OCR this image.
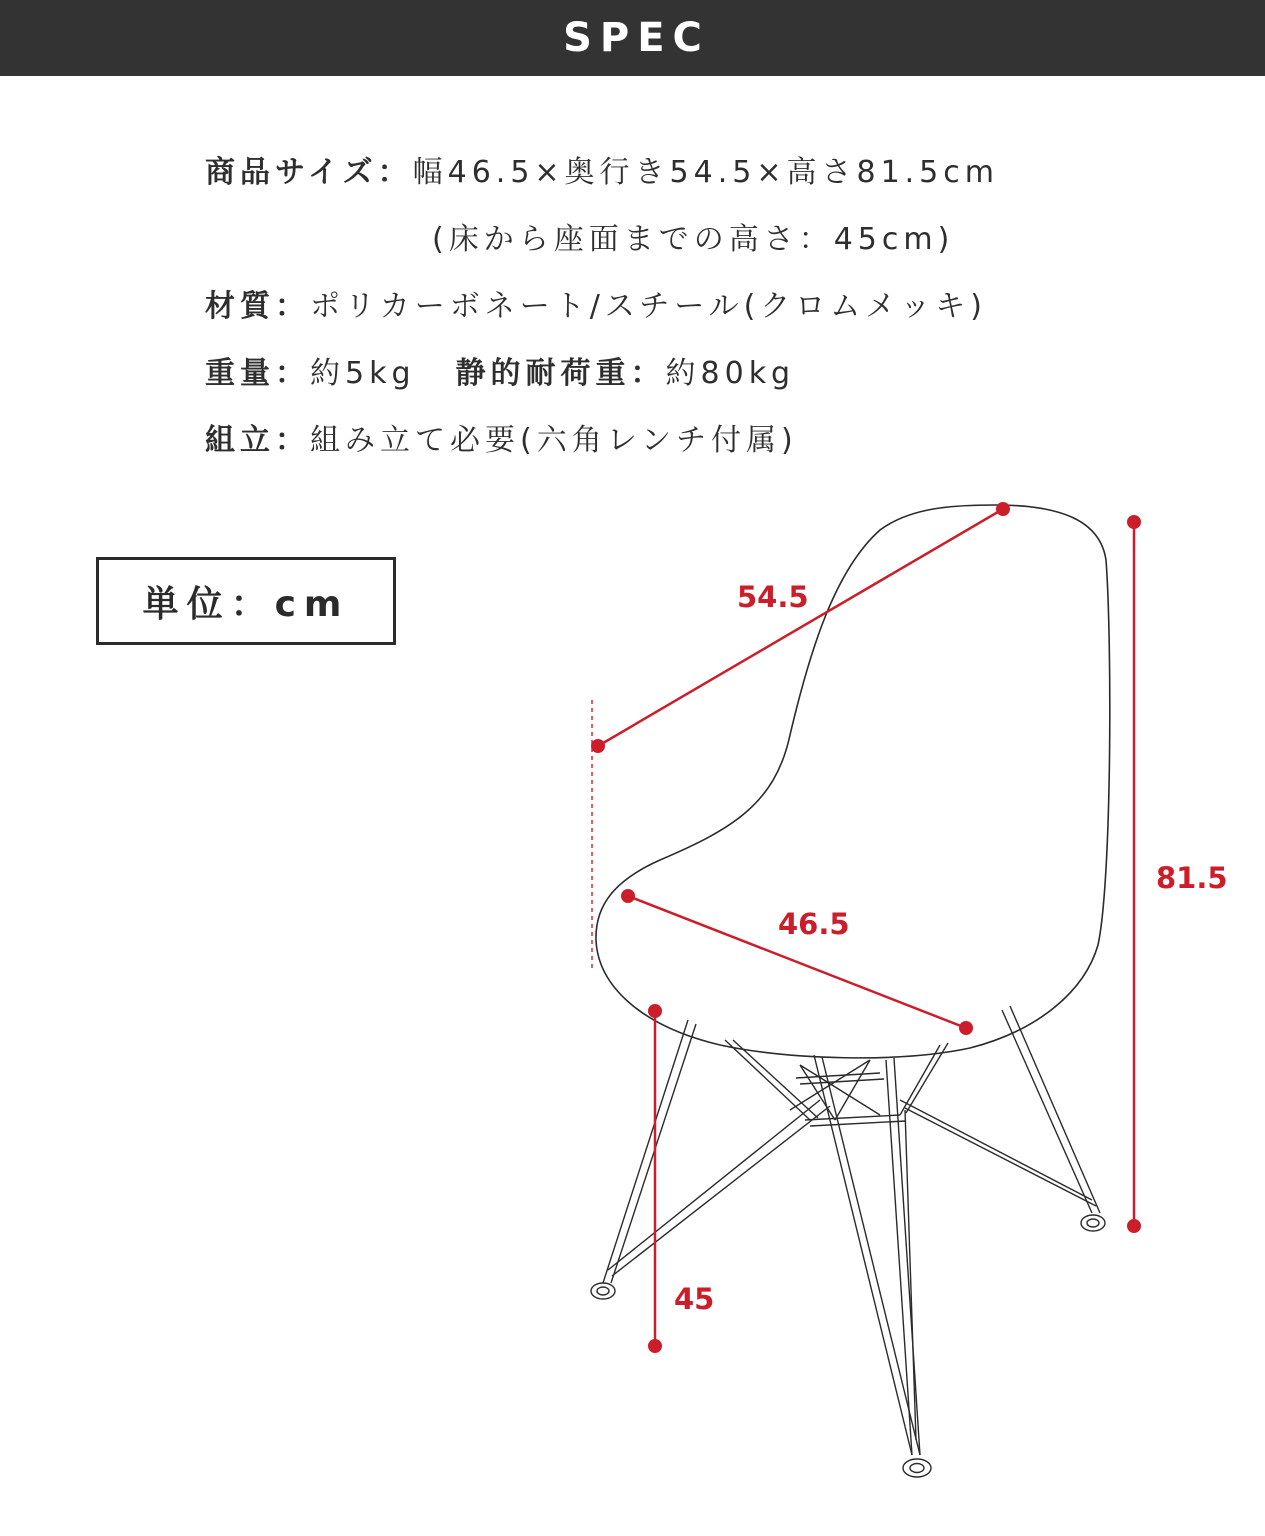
SPEC
商品サイズ：幅46.5×奥行き54.5×高さ81.5cm
(床から座面までの高さ：45cm)
材質：ポリカーボネート/スチール(クロムメッキ)
重量：約5kg 静的耐荷重：約80kg
組立：組み立て必要(六角レンチ付属)
単位：cm	54.5
46.5
81.5
45
